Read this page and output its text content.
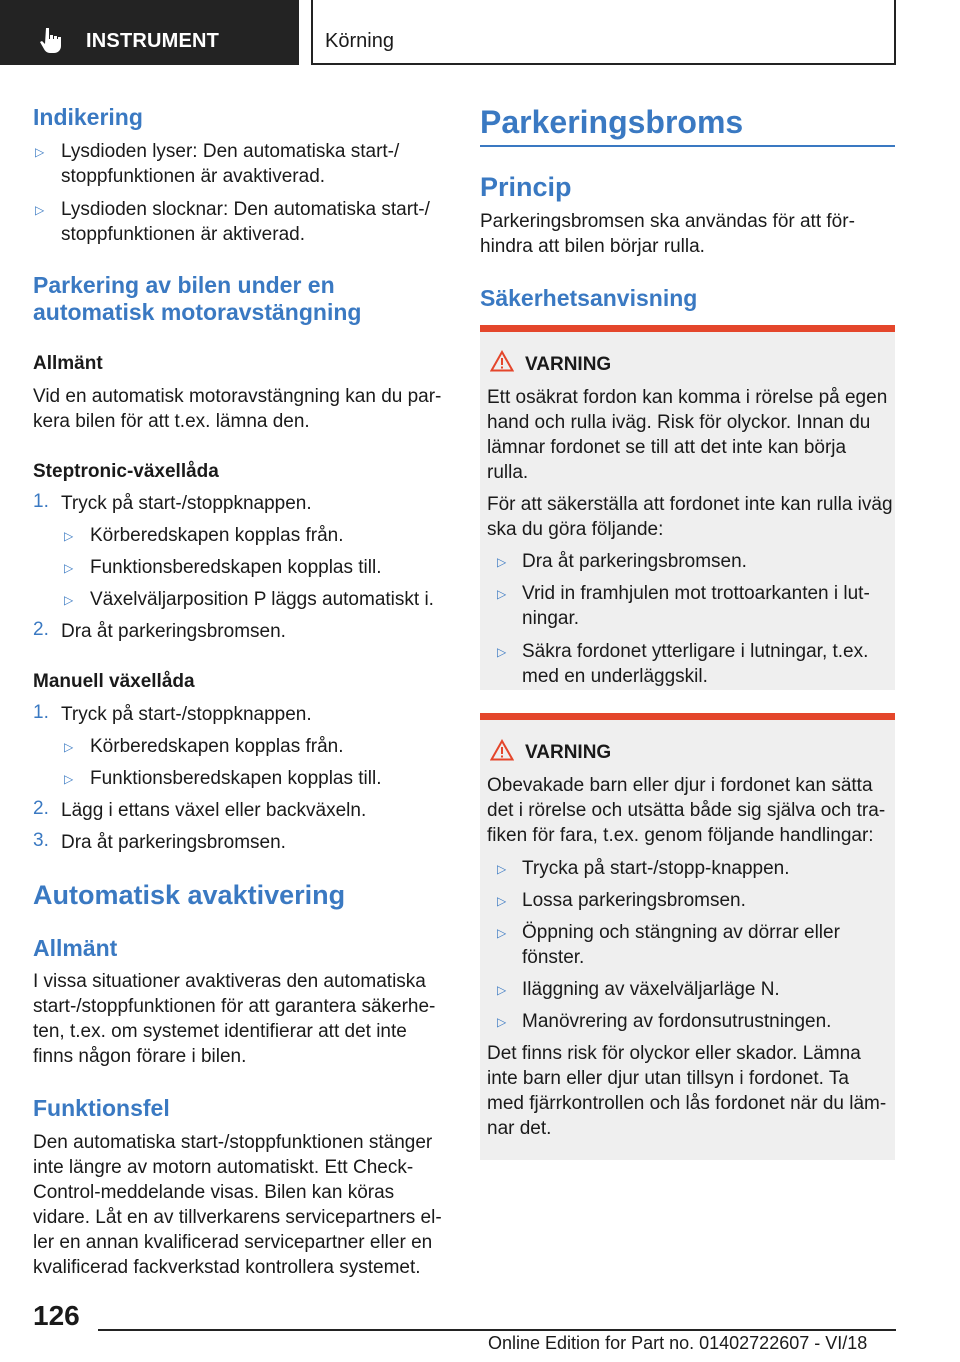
INSTRUMENT	Körning
Indikering
▷ Lysdioden lyser: Den automatiska start-/
stoppfunktionen är avaktiverad.
▷ Lysdioden slocknar: Den automatiska start-/
stoppfunktionen är aktiverad.
Parkering av bilen under en
automatisk motoravstängning
Allmänt
Vid en automatisk motoravstängning kan du par-
kera bilen för att t.ex. lämna den.
Steptronic-växellåda
1. Tryck på start-/stoppknappen.
▷ Körberedskapen kopplas från.
▷ Funktionsberedskapen kopplas till.
▷ Växelväljarposition P läggs automatiskt i.
2. Dra åt parkeringsbromsen.
Manuell växellåda
1. Tryck på start-/stoppknappen.
▷ Körberedskapen kopplas från.
▷ Funktionsberedskapen kopplas till.
2. Lägg i ettans växel eller backväxeln.
3. Dra åt parkeringsbromsen.
Automatisk avaktivering
Allmänt
I vissa situationer avaktiveras den automatiska
start-/stoppfunktionen för att garantera säkerhe-
ten, t.ex. om systemet identifierar att det inte
finns någon förare i bilen.
Funktionsfel
Den automatiska start-/stoppfunktionen stänger
inte längre av motorn automatiskt. Ett Check-
Control-meddelande visas. Bilen kan köras
vidare. Låt en av tillverkarens servicepartners el-
ler en annan kvalificerad servicepartner eller en
kvalificerad fackverkstad kontrollera systemet.
Parkeringsbroms
Princip
Parkeringsbromsen ska användas för att för-
hindra att bilen börjar rulla.
Säkerhetsanvisning
VARNING
Ett osäkrat fordon kan komma i rörelse på egen
hand och rulla iväg. Risk för olyckor. Innan du
lämnar fordonet se till att det inte kan börja
rulla.
För att säkerställa att fordonet inte kan rulla iväg
ska du göra följande:
▷ Dra åt parkeringsbromsen.
▷ Vrid in framhjulen mot trottoarkanten i lut-
ningar.
▷ Säkra fordonet ytterligare i lutningar, t.ex.
med en underläggskil.
VARNING
Obevakade barn eller djur i fordonet kan sätta
det i rörelse och utsätta både sig själva och tra-
fiken för fara, t.ex. genom följande handlingar:
▷ Trycka på start-/stopp-knappen.
▷ Lossa parkeringsbromsen.
▷ Öppning och stängning av dörrar eller
fönster.
▷ Iläggning av växelväljarläge N.
▷ Manövrering av fordonsutrustningen.
Det finns risk för olyckor eller skador. Lämna
inte barn eller djur utan tillsyn i fordonet. Ta
med fjärrkontrollen och lås fordonet när du läm-
nar det.
126
Online Edition for Part no. 01402722607 - VI/18
